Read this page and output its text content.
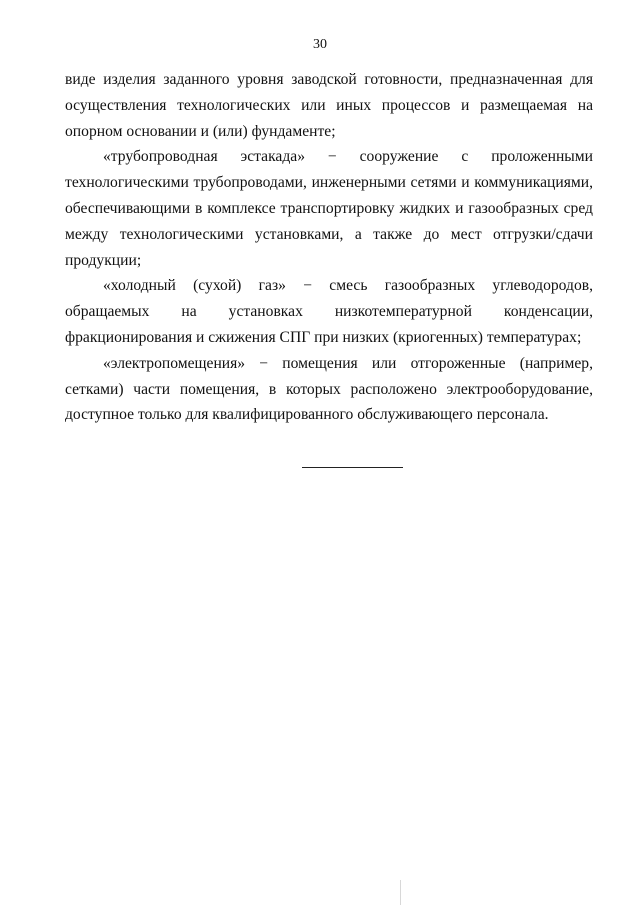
30

виде изделия заданного уровня заводской готовности, предназначенная для осуществления технологических или иных процессов и размещаемая на опорном основании и (или) фундаменте;

«трубопроводная эстакада» − сооружение с проложенными технологическими трубопроводами, инженерными сетями и коммуникациями, обеспечивающими в комплексе транспортировку жидких и газообразных сред между технологическими установками, а также до мест отгрузки/сдачи продукции;

«холодный (сухой) газ» − смесь газообразных углеводородов, обращаемых на установках низкотемпературной конденсации, фракционирования и сжижения СПГ при низких (криогенных) температурах;

«электропомещения» − помещения или отгороженные (например, сетками) части помещения, в которых расположено электрооборудование, доступное только для квалифицированного обслуживающего персонала.
